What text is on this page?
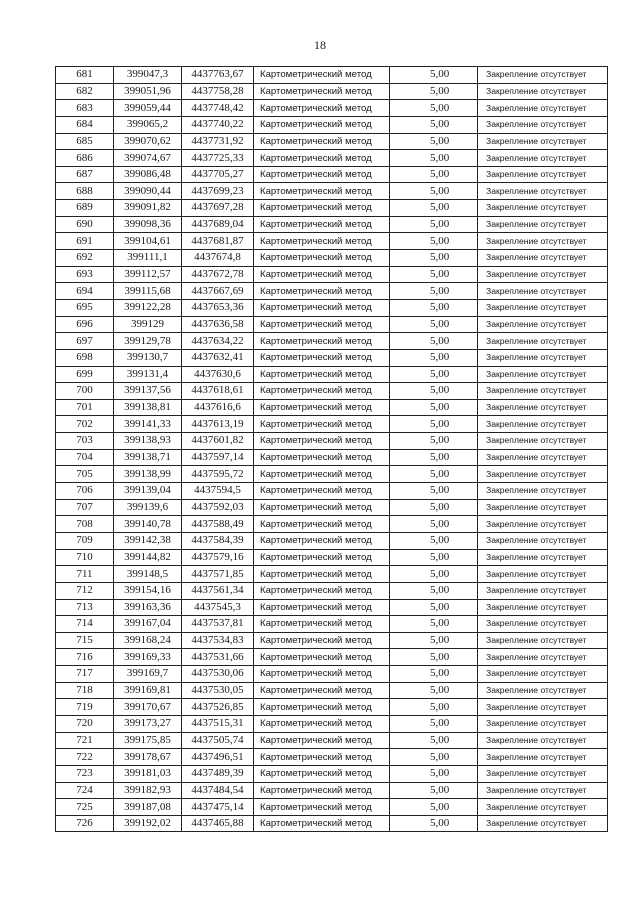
18
681	399047,3	4437763,67	Картометрический метод	5,00	Закрепление отсутствует
682	399051,96	4437758,28	Картометрический метод	5,00	Закрепление отсутствует
683	399059,44	4437748,42	Картометрический метод	5,00	Закрепление отсутствует
684	399065,2	4437740,22	Картометрический метод	5,00	Закрепление отсутствует
685	399070,62	4437731,92	Картометрический метод	5,00	Закрепление отсутствует
686	399074,67	4437725,33	Картометрический метод	5,00	Закрепление отсутствует
687	399086,48	4437705,27	Картометрический метод	5,00	Закрепление отсутствует
688	399090,44	4437699,23	Картометрический метод	5,00	Закрепление отсутствует
689	399091,82	4437697,28	Картометрический метод	5,00	Закрепление отсутствует
690	399098,36	4437689,04	Картометрический метод	5,00	Закрепление отсутствует
691	399104,61	4437681,87	Картометрический метод	5,00	Закрепление отсутствует
692	399111,1	4437674,8	Картометрический метод	5,00	Закрепление отсутствует
693	399112,57	4437672,78	Картометрический метод	5,00	Закрепление отсутствует
694	399115,68	4437667,69	Картометрический метод	5,00	Закрепление отсутствует
695	399122,28	4437653,36	Картометрический метод	5,00	Закрепление отсутствует
696	399129	4437636,58	Картометрический метод	5,00	Закрепление отсутствует
697	399129,78	4437634,22	Картометрический метод	5,00	Закрепление отсутствует
698	399130,7	4437632,41	Картометрический метод	5,00	Закрепление отсутствует
699	399131,4	4437630,6	Картометрический метод	5,00	Закрепление отсутствует
700	399137,56	4437618,61	Картометрический метод	5,00	Закрепление отсутствует
701	399138,81	4437616,6	Картометрический метод	5,00	Закрепление отсутствует
702	399141,33	4437613,19	Картометрический метод	5,00	Закрепление отсутствует
703	399138,93	4437601,82	Картометрический метод	5,00	Закрепление отсутствует
704	399138,71	4437597,14	Картометрический метод	5,00	Закрепление отсутствует
705	399138,99	4437595,72	Картометрический метод	5,00	Закрепление отсутствует
706	399139,04	4437594,5	Картометрический метод	5,00	Закрепление отсутствует
707	399139,6	4437592,03	Картометрический метод	5,00	Закрепление отсутствует
708	399140,78	4437588,49	Картометрический метод	5,00	Закрепление отсутствует
709	399142,38	4437584,39	Картометрический метод	5,00	Закрепление отсутствует
710	399144,82	4437579,16	Картометрический метод	5,00	Закрепление отсутствует
711	399148,5	4437571,85	Картометрический метод	5,00	Закрепление отсутствует
712	399154,16	4437561,34	Картометрический метод	5,00	Закрепление отсутствует
713	399163,36	4437545,3	Картометрический метод	5,00	Закрепление отсутствует
714	399167,04	4437537,81	Картометрический метод	5,00	Закрепление отсутствует
715	399168,24	4437534,83	Картометрический метод	5,00	Закрепление отсутствует
716	399169,33	4437531,66	Картометрический метод	5,00	Закрепление отсутствует
717	399169,7	4437530,06	Картометрический метод	5,00	Закрепление отсутствует
718	399169,81	4437530,05	Картометрический метод	5,00	Закрепление отсутствует
719	399170,67	4437526,85	Картометрический метод	5,00	Закрепление отсутствует
720	399173,27	4437515,31	Картометрический метод	5,00	Закрепление отсутствует
721	399175,85	4437505,74	Картометрический метод	5,00	Закрепление отсутствует
722	399178,67	4437496,51	Картометрический метод	5,00	Закрепление отсутствует
723	399181,03	4437489,39	Картометрический метод	5,00	Закрепление отсутствует
724	399182,93	4437484,54	Картометрический метод	5,00	Закрепление отсутствует
725	399187,08	4437475,14	Картометрический метод	5,00	Закрепление отсутствует
726	399192,02	4437465,88	Картометрический метод	5,00	Закрепление отсутствует
